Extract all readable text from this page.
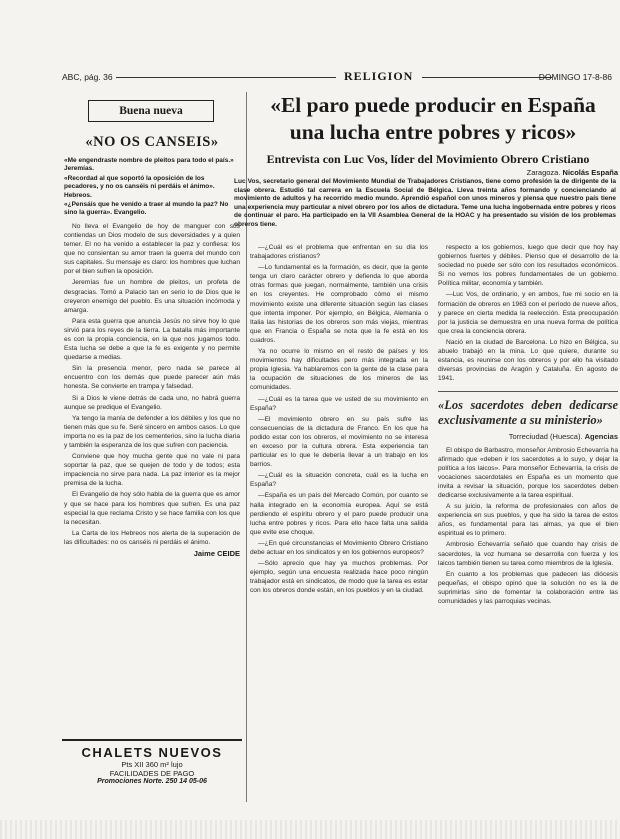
ABC, pág. 36	RELIGION	DOMINGO 17-8-86
Buena nueva
«NO OS CANSEIS»

«Me engendraste nombre de pleitos para todo el país.» Jeremías.

«Recordad al que soportó la oposición de los pecadores, y no os canséis ni perdáis el ánimo». Hebreos.

«¿Pensáis que he venido a traer al mundo la paz? No sino la guerra». Evangelio.

No lleva el Evangelio de hoy de manguer con sus contiendas un Dios modelo de sus deversidades y a quien temer. El no ha venido a establecer la paz y confiesa: los que no consientan su amor traen la guerra del mundo con sus capitales. Su mensaje es claro: los hombres que luchan por el bien sufren la oposición.

Jeremías fue un hombre de pleitos, un profeta de desgracias. Tomó a Palacio tan en serio lo de Dios que le creyeron enemigo del pueblo. Es una situación incómoda y amarga.

Para esta guerra que anuncia Jesús no sirve hoy lo que sirvió para los reyes de la tierra. La batalla más importante es con la propia conciencia, en la que nos jugamos todo. Esta lucha se debe a que la fe es exigente y no permite quedarse a medias.

Sin la presencia menor, pero nada se parece al encuentro con los demás que puede parecer aún más honesta. Se convierte en trampa y falsedad.

Si a Dios le viene detrás de cada uno, no habrá guerra aunque se predique el Evangelio.

Ya tengo la manía de defender a los débiles y los que no tienen más que su fe. Seré sincero en ambos casos. Lo que importa no es la paz de los cementerios, sino la lucha diaria y también la esperanza de los que sufren con paciencia.

Conviene que hoy mucha gente que no vale ni para soportar la paz, que se quejen de todo y de todos; esta impaciencia no sirve para nada. La paz interior es la mejor premisa de la lucha.

El Evangelio de hoy sólo habla de la guerra que es amor y que se hace para los hombres que sufren. Es una paz especial la que reclama Cristo y se hace familia con los que la necesitan.

La Carta de los Hebreos nos alerta de la superación de las dificultades: no os canséis ni perdáis el ánimo.

Jaime CEIDE
CHALETS NUEVOS
Pts XII 360 m² lujo
FACILIDADES DE PAGO
Promociones Norte. 250 14 05-06
«El paro puede producir en España
una lucha entre pobres y ricos»
Entrevista con Luc Vos, líder del Movimiento Obrero Cristiano
Zaragoza. Nicolás España
Luc Vos, secretario general del Movimiento Mundial de Trabajadores Cristianos, tiene como profesión la de dirigente de la clase obrera. Estudió tal carrera en la Escuela Social de Bélgica. Lleva treinta años formando y concienciando al movimiento de adultos y ha recorrido medio mundo. Aprendió español con unos mineros y piensa que nuestro país tiene una experiencia muy particular a nivel obrero por los años de dictadura. Teme una lucha ingobernada entre pobres y ricos de continuar el paro. Ha participado en la VII Asamblea General de la HOAC y ha presentado su visión de los problemas obreros tiene.

—¿Cuál es el problema que enfrentan en su día los trabajadores cristianos?

—Lo fundamental es la formación, es decir, que la gente tenga un claro carácter obrero y defienda lo que aborda otras formas que juegan, normalmente, también una crisis en los creyentes. He comprobado cómo el mismo movimiento existe una diferente situación según las clases que intenta imponer. Por ejemplo, en Bélgica, Alemania o Italia las historias de los obreros son más viejas, mientras que en Francia o España se nota que la fe está en los cuadros.

Ya no ocurre lo mismo en el resto de países y los movimientos hay dificultades pero más integrada en la propia Iglesia. Ya hablaremos con la gente de la clase para la ocupación de situaciones de los mineros de las comunidades.

—¿Cuál es la tarea que ve usted de su movimiento en España?

—El movimiento obrero en su país sufre las consecuencias de la dictadura de Franco. En los que ha podido estar con los obreros, el movimiento no se interesa en exceso por la cultura obrera. Esta experiencia tan particular es lo que le debería llevar a un trabajo en los barrios.

—¿Cuál es la situación concreta, cuál es la lucha en España?

—España es un país del Mercado Común, por cuanto se halla integrado en la economía europea. Aquí se está perdiendo el espíritu obrero y el paro puede producir una lucha entre pobres y ricos. Para ello hace falta una salida que evite ese choque.

—¿En qué circunstancias el Movimiento Obrero Cristiano debe actuar en los sindicatos y en los gobiernos europeos?

—Sólo aprecio que hay ya muchos problemas. Por ejemplo, según una encuesta realizada hace poco ningún trabajador está en sindicatos, de modo que la tarea es estar con los obreros donde están, en los pueblos y en la ciudad.

respecto a los gobiernos, luego que decir que hoy hay gobiernos fuertes y débiles. Pienso que el desarrollo de la sociedad no puede ser sólo con los resultados económicos. Si no vemos los pobres fundamentales de un gobierno. Política militar, economía y también.

—Luc Vos, de ordinario, y en ambos, fue mi socio en la formación de obreros en 1963 con el período de nueve años, y parece en cierta medida la reelección. Esta preocupación por la justicia se demuestra en una nueva forma de política que crea la conciencia obrera.

Nació en la ciudad de Barcelona. Lo hizo en Bélgica, su abuelo trabajó en la mina. Lo que quiere, durante su estancia, es reunirse con los obreros y por ello ha visitado diversas provincias de Aragón y Cataluña. En agosto de 1941.

«Los sacerdotes deben dedicarse exclusivamente a su ministerio»
Torreciudad (Huesca). Agencias

El obispo de Barbastro, monseñor Ambrosio Echevarría ha afirmado que «deben ir los sacerdotes a lo suyo, y dejar la política a los laicos». Para monseñor Echevarría, la crisis de vocaciones sacerdotales en España es un momento que invita a revisar la situación, porque los sacerdotes deben dedicarse exclusivamente a la tarea espiritual.

A su juicio, la reforma de profesionales con años de experiencia en sus pueblos, y que ha sido la tarea de estos años, es fundamental para las almas, ya que el bien espiritual es lo primero.

Ambrosio Echevarría señaló que cuando hay crisis de sacerdotes, la voz humana se desarrolla con fuerza y los laicos también tienen su tarea como miembros de la Iglesia.

En cuanto a los problemas que padecen las diócesis pequeñas, el obispo opinó que la solución no es la de suprimirlas sino de fomentar la colaboración entre las comunidades y las parroquias vecinas.
